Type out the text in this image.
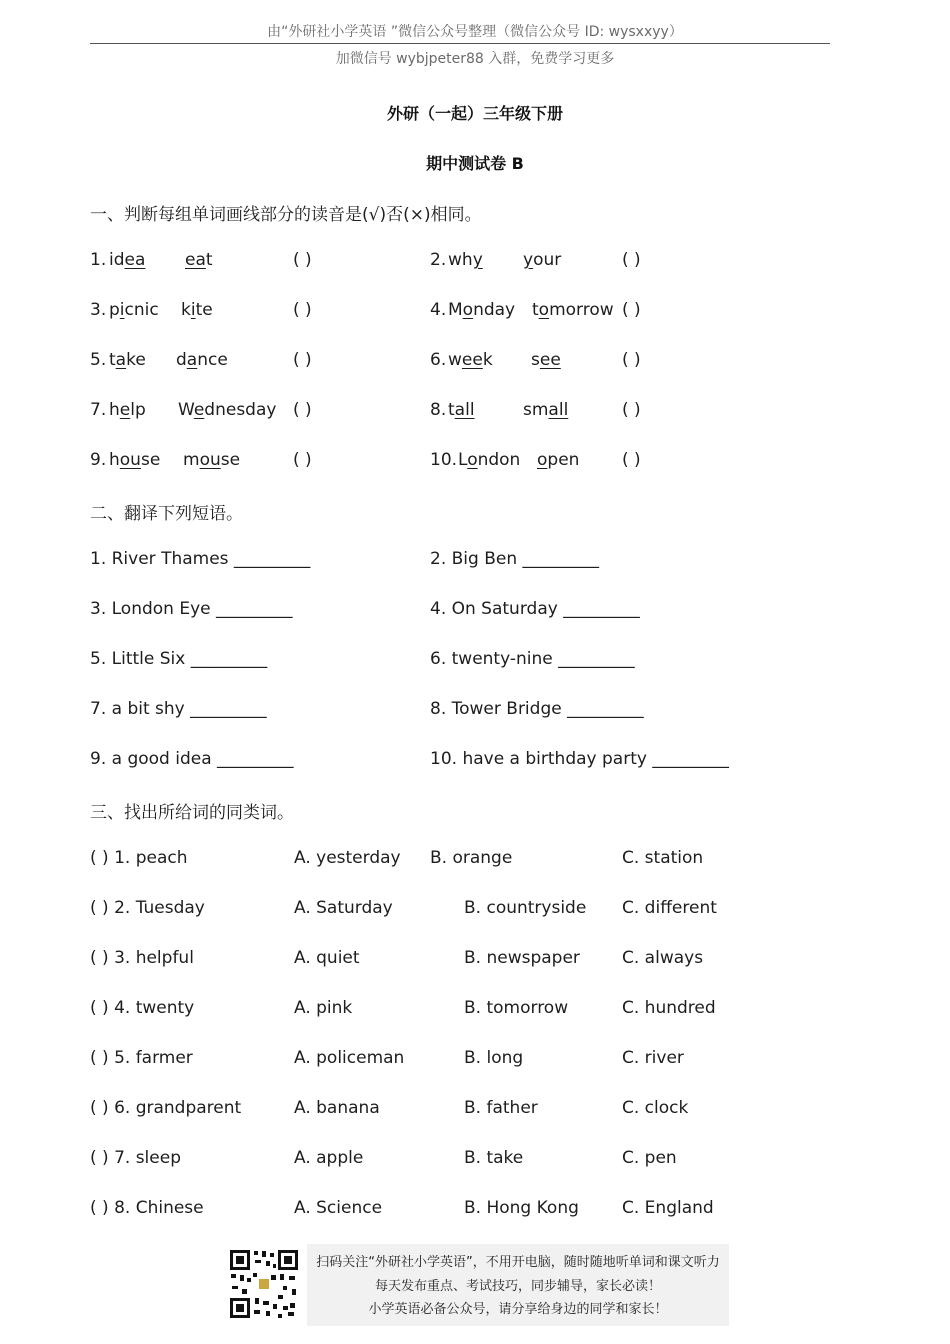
由“外研社小学英语 ”微信公众号整理（微信公众号 ID: wysxxyy）
加微信号 wybjpeter88 入群，免费学习更多
外研（一起）三年级下册
期中测试卷 B
一、判断每组单词画线部分的读音是(√)否(×)相同。
1. idea eat	( )	2. why your	( )
3. picnic kite	( )	4. Monday tomorrow ( )
5. take dance	( )	6. week see	( )
7. help Wednesday ( )	8. tall	small	( )
9. house mouse	( )	10. London open	( )
二、翻译下列短语。
1. River Thames _________	2. Big Ben _________
3. London Eye _________	4. On Saturday _________
5. Little Six _________	6. twenty-nine _________
7. a bit shy _________	8. Tower Bridge _________
9. a good idea _________	10. have a birthday party _________
三、找出所给词的同类词。
( ) 1. peach	A. yesterday B. orange	C. station
( ) 2. Tuesday	A. Saturday	B. countryside C. different
( ) 3. helpful	A. quiet	B. newspaper C. always
( ) 4. twenty	A. pink	B. tomorrow	C. hundred
( ) 5. farmer	A. policeman	B. long	C. river
( ) 6. grandparent	A. banana	B. father	C. clock
( ) 7. sleep	A. apple	B. take	C. pen
( ) 8. Chinese	A. Science	B. Hong Kong	C. England
扫码关注“外研社小学英语”，不用开电脑，随时随地听单词和课文听力
每天发布重点、考试技巧，同步辅导，家长必读！
小学英语必备公众号，请分享给身边的同学和家长！
